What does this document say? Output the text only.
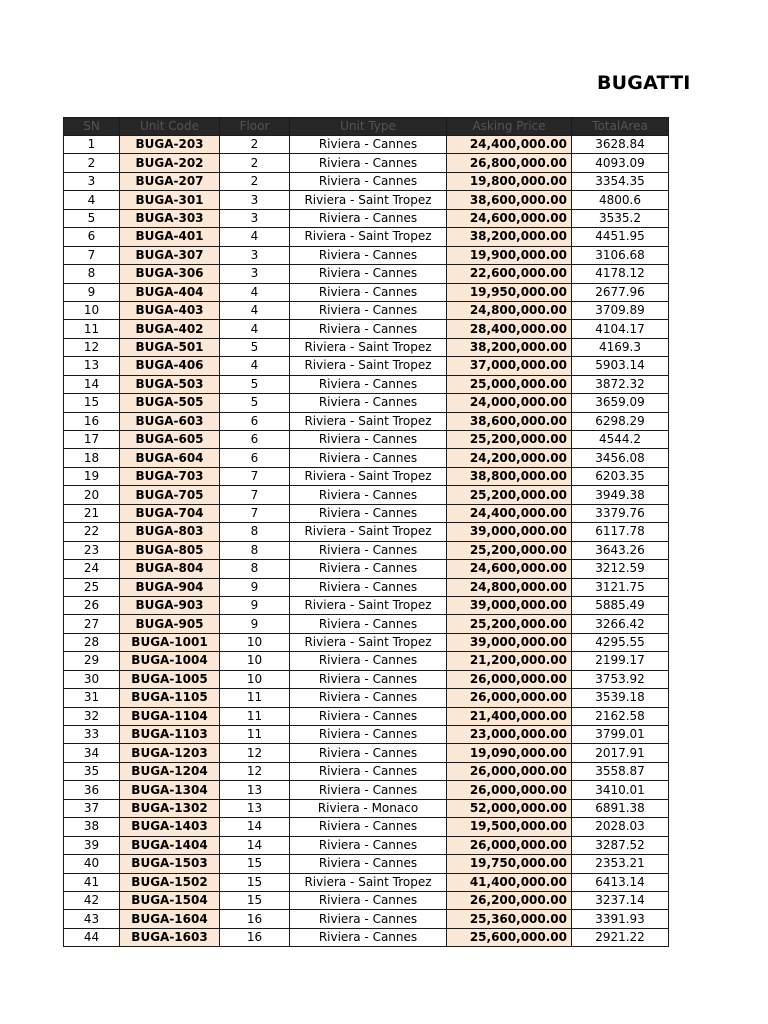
BUGATTI
SN	Unit Code	Floor	Unit Type	Asking Price	TotalArea
1	BUGA-203	2	Riviera - Cannes	24,400,000.00	3628.84
2	BUGA-202	2	Riviera - Cannes	26,800,000.00	4093.09
3	BUGA-207	2	Riviera - Cannes	19,800,000.00	3354.35
4	BUGA-301	3	Riviera - Saint Tropez	38,600,000.00	4800.6
5	BUGA-303	3	Riviera - Cannes	24,600,000.00	3535.2
6	BUGA-401	4	Riviera - Saint Tropez	38,200,000.00	4451.95
7	BUGA-307	3	Riviera - Cannes	19,900,000.00	3106.68
8	BUGA-306	3	Riviera - Cannes	22,600,000.00	4178.12
9	BUGA-404	4	Riviera - Cannes	19,950,000.00	2677.96
10	BUGA-403	4	Riviera - Cannes	24,800,000.00	3709.89
11	BUGA-402	4	Riviera - Cannes	28,400,000.00	4104.17
12	BUGA-501	5	Riviera - Saint Tropez	38,200,000.00	4169.3
13	BUGA-406	4	Riviera - Saint Tropez	37,000,000.00	5903.14
14	BUGA-503	5	Riviera - Cannes	25,000,000.00	3872.32
15	BUGA-505	5	Riviera - Cannes	24,000,000.00	3659.09
16	BUGA-603	6	Riviera - Saint Tropez	38,600,000.00	6298.29
17	BUGA-605	6	Riviera - Cannes	25,200,000.00	4544.2
18	BUGA-604	6	Riviera - Cannes	24,200,000.00	3456.08
19	BUGA-703	7	Riviera - Saint Tropez	38,800,000.00	6203.35
20	BUGA-705	7	Riviera - Cannes	25,200,000.00	3949.38
21	BUGA-704	7	Riviera - Cannes	24,400,000.00	3379.76
22	BUGA-803	8	Riviera - Saint Tropez	39,000,000.00	6117.78
23	BUGA-805	8	Riviera - Cannes	25,200,000.00	3643.26
24	BUGA-804	8	Riviera - Cannes	24,600,000.00	3212.59
25	BUGA-904	9	Riviera - Cannes	24,800,000.00	3121.75
26	BUGA-903	9	Riviera - Saint Tropez	39,000,000.00	5885.49
27	BUGA-905	9	Riviera - Cannes	25,200,000.00	3266.42
28	BUGA-1001	10	Riviera - Saint Tropez	39,000,000.00	4295.55
29	BUGA-1004	10	Riviera - Cannes	21,200,000.00	2199.17
30	BUGA-1005	10	Riviera - Cannes	26,000,000.00	3753.92
31	BUGA-1105	11	Riviera - Cannes	26,000,000.00	3539.18
32	BUGA-1104	11	Riviera - Cannes	21,400,000.00	2162.58
33	BUGA-1103	11	Riviera - Cannes	23,000,000.00	3799.01
34	BUGA-1203	12	Riviera - Cannes	19,090,000.00	2017.91
35	BUGA-1204	12	Riviera - Cannes	26,000,000.00	3558.87
36	BUGA-1304	13	Riviera - Cannes	26,000,000.00	3410.01
37	BUGA-1302	13	Riviera - Monaco	52,000,000.00	6891.38
38	BUGA-1403	14	Riviera - Cannes	19,500,000.00	2028.03
39	BUGA-1404	14	Riviera - Cannes	26,000,000.00	3287.52
40	BUGA-1503	15	Riviera - Cannes	19,750,000.00	2353.21
41	BUGA-1502	15	Riviera - Saint Tropez	41,400,000.00	6413.14
42	BUGA-1504	15	Riviera - Cannes	26,200,000.00	3237.14
43	BUGA-1604	16	Riviera - Cannes	25,360,000.00	3391.93
44	BUGA-1603	16	Riviera - Cannes	25,600,000.00	2921.22
